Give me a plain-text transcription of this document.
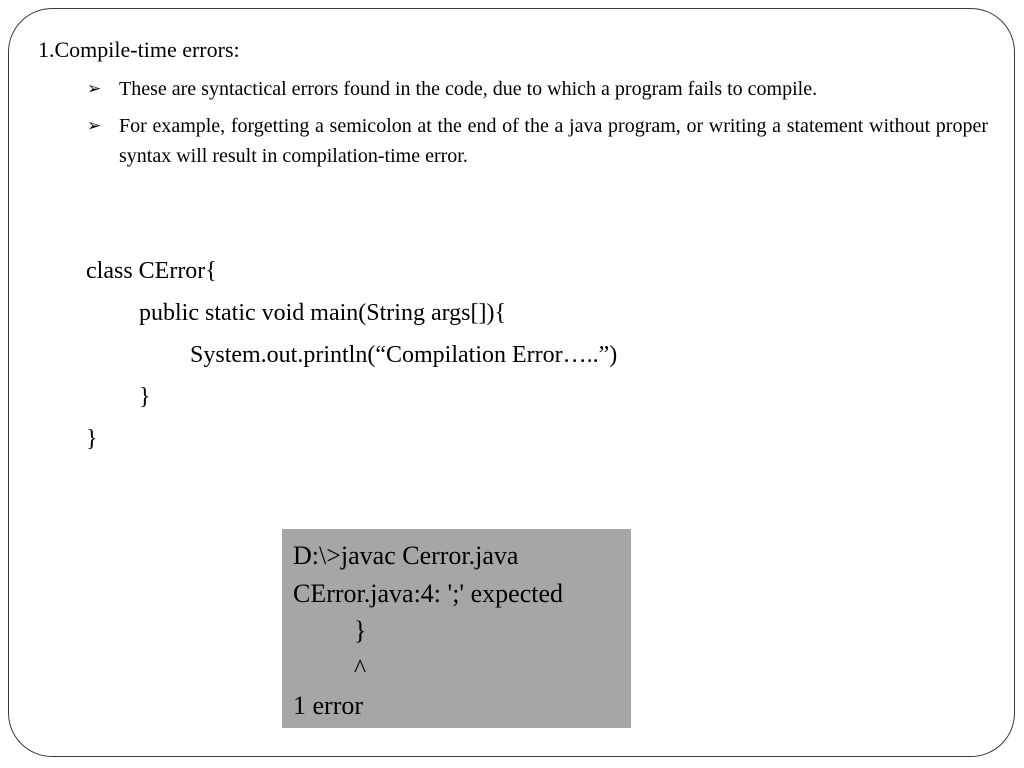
1.Compile-time errors:
➢ These are syntactical errors found in the code, due to which a program fails to compile.
➢ For example, forgetting a semicolon at the end of the a java program, or writing a statement without proper syntax will result in compilation-time error.
class CError{
public static void main(String args[]){
System.out.println(“Compilation Error…..”)
}
}
D:\>javac Cerror.java
CError.java:4: ';' expected
}
^
1 error
